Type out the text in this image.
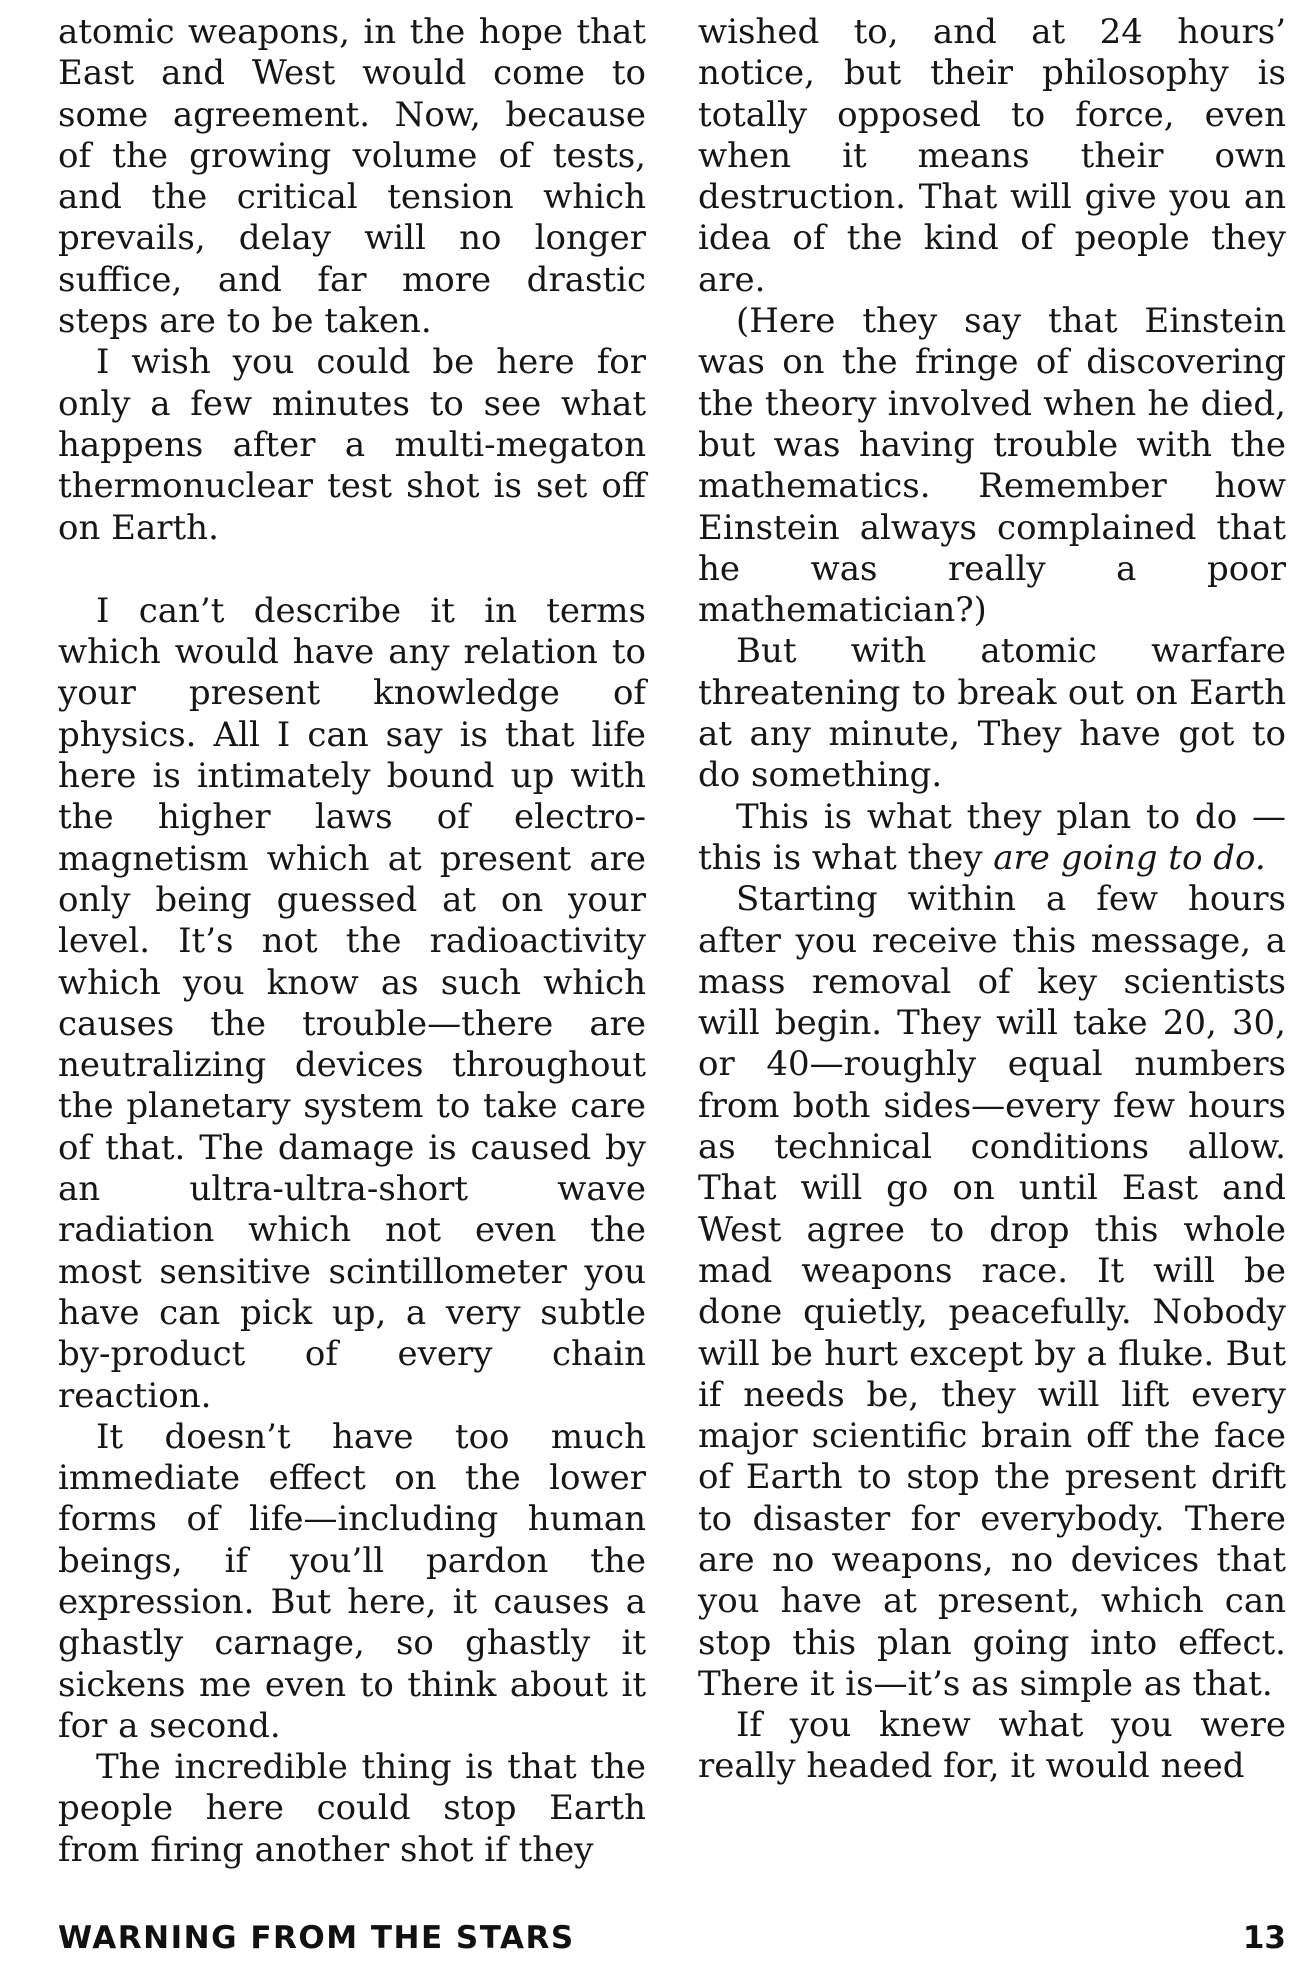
atomic weapons, in the hope that East and West would come to some agreement. Now, because of the growing volume of tests, and the critical tension which prevails, delay will no longer suffice, and far more drastic steps are to be taken.

I wish you could be here for only a few minutes to see what happens after a multi-megaton thermonuclear test shot is set off on Earth.

I can’t describe it in terms which would have any relation to your present knowledge of physics. All I can say is that life here is intimately bound up with the higher laws of electro-magnetism which at present are only being guessed at on your level. It’s not the radioactivity which you know as such which causes the trouble—there are neutralizing devices throughout the planetary system to take care of that. The damage is caused by an ultra-ultra-short wave radiation which not even the most sensitive scintillometer you have can pick up, a very subtle by-product of every chain reaction.

It doesn’t have too much immediate effect on the lower forms of life—including human beings, if you’ll pardon the expression. But here, it causes a ghastly carnage, so ghastly it sickens me even to think about it for a second.

The incredible thing is that the people here could stop Earth from firing another shot if they

wished to, and at 24 hours’ notice, but their philosophy is totally opposed to force, even when it means their own destruction. That will give you an idea of the kind of people they are.

(Here they say that Einstein was on the fringe of discovering the theory involved when he died, but was having trouble with the mathematics. Remember how Einstein always complained that he was really a poor mathematician?)

But with atomic warfare threatening to break out on Earth at any minute, They have got to do something.

This is what they plan to do —this is what they are going to do.

Starting within a few hours after you receive this message, a mass removal of key scientists will begin. They will take 20, 30, or 40—roughly equal numbers from both sides—every few hours as technical conditions allow. That will go on until East and West agree to drop this whole mad weapons race. It will be done quietly, peacefully. Nobody will be hurt except by a fluke. But if needs be, they will lift every major scientific brain off the face of Earth to stop the present drift to disaster for everybody. There are no weapons, no devices that you have at present, which can stop this plan going into effect. There it is—it’s as simple as that.

If you knew what you were really headed for, it would need

WARNING FROM THE STARS	13
